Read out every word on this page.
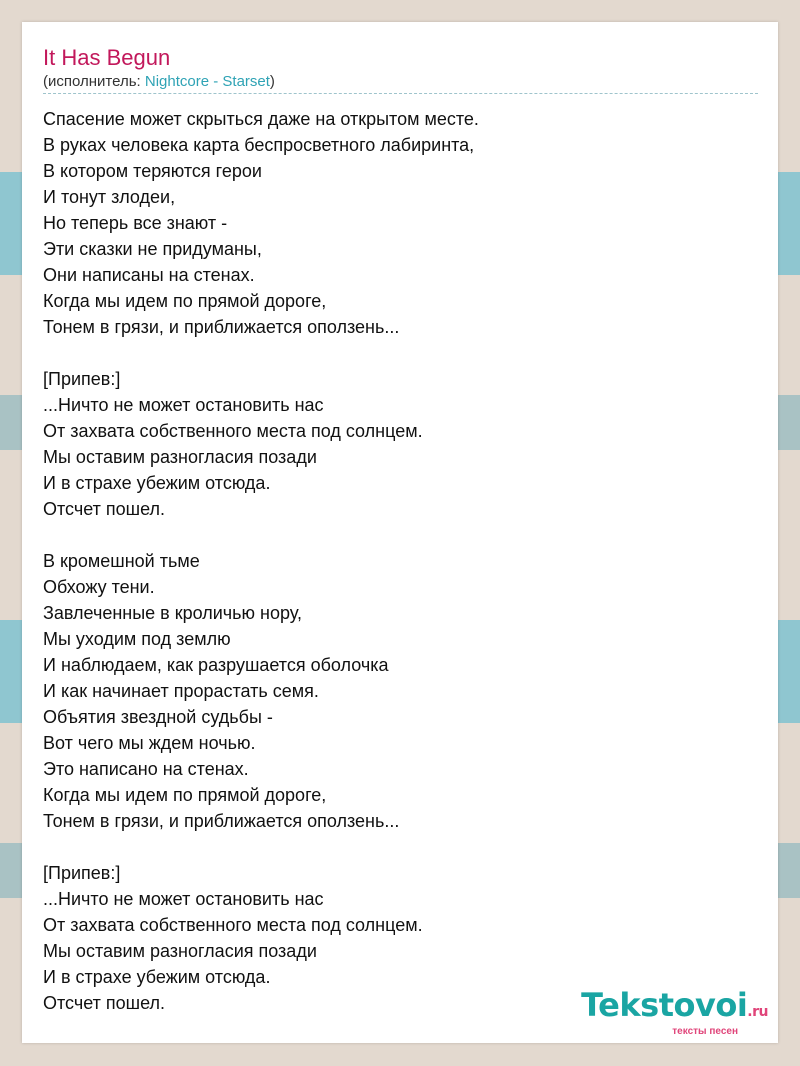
It Has Begun
(исполнитель: Nightcore - Starset)
Спасение может скрыться даже на открытом месте.
В руках человека карта беспросветного лабиринта,
В котором теряются герои
И тонут злодеи,
Но теперь все знают -
Эти сказки не придуманы,
Они написаны на стенах.
Когда мы идем по прямой дороге,
Тонем в грязи, и приближается оползень...
[Припев:]
...Ничто не может остановить нас
От захвата собственного места под солнцем.
Мы оставим разногласия позади
И в страхе убежим отсюда.
Отсчет пошел.
В кромешной тьме
Обхожу тени.
Завлеченные в кроличью нору,
Мы уходим под землю
И наблюдаем, как разрушается оболочка
И как начинает прорастать семя.
Объятия звездной судьбы -
Вот чего мы ждем ночью.
Это написано на стенах.
Когда мы идем по прямой дороге,
Тонем в грязи, и приближается оползень...
[Припев:]
...Ничто не может остановить нас
От захвата собственного места под солнцем.
Мы оставим разногласия позади
И в страхе убежим отсюда.
Отсчет пошел.	Tekstovoi.ru
тексты песен
